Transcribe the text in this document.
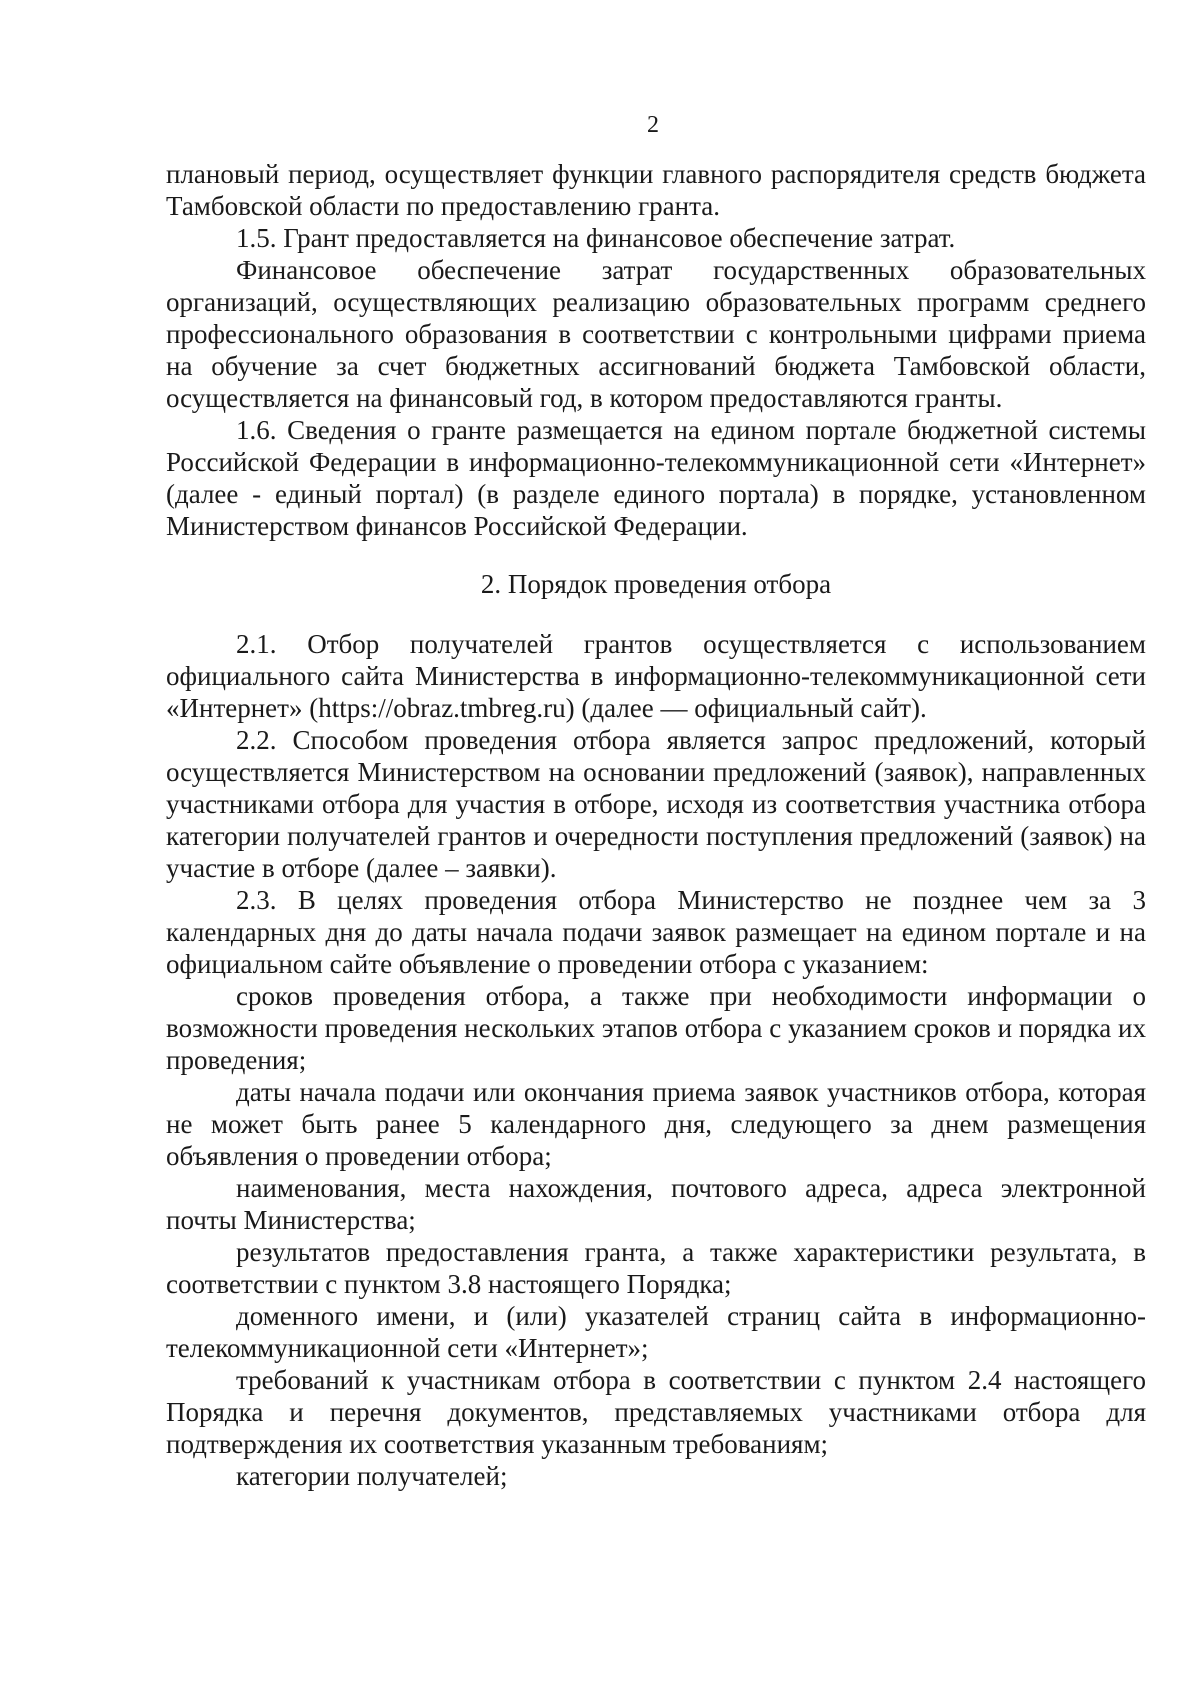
2

плановый период, осуществляет функции главного распорядителя средств бюджета Тамбовской области по предоставлению гранта.

1.5. Грант предоставляется на финансовое обеспечение затрат.

Финансовое обеспечение затрат государственных образовательных организаций, осуществляющих реализацию образовательных программ среднего профессионального образования в соответствии с контрольными цифрами приема на обучение за счет бюджетных ассигнований бюджета Тамбовской области, осуществляется на финансовый год, в котором предоставляются гранты.

1.6. Сведения о гранте размещается на едином портале бюджетной системы Российской Федерации в информационно-телекоммуникационной сети «Интернет» (далее - единый портал) (в разделе единого портала) в порядке, установленном Министерством финансов Российской Федерации.

2. Порядок проведения отбора

2.1. Отбор получателей грантов осуществляется с использованием официального сайта Министерства в информационно-телекоммуникационной сети «Интернет» (https://obraz.tmbreg.ru) (далее — официальный сайт).

2.2. Способом проведения отбора является запрос предложений, который осуществляется Министерством на основании предложений (заявок), направленных участниками отбора для участия в отборе, исходя из соответствия участника отбора категории получателей грантов и очередности поступления предложений (заявок) на участие в отборе (далее – заявки).

2.3. В целях проведения отбора Министерство не позднее чем за 3 календарных дня до даты начала подачи заявок размещает на едином портале и на официальном сайте объявление о проведении отбора с указанием:

сроков проведения отбора, а также при необходимости информации о возможности проведения нескольких этапов отбора с указанием сроков и порядка их проведения;

даты начала подачи или окончания приема заявок участников отбора, которая не может быть ранее 5 календарного дня, следующего за днем размещения объявления о проведении отбора;

наименования, места нахождения, почтового адреса, адреса электронной почты Министерства;

результатов предоставления гранта, а также характеристики результата, в соответствии с пунктом 3.8 настоящего Порядка;

доменного имени, и (или) указателей страниц сайта в информационно-телекоммуникационной сети «Интернет»;

требований к участникам отбора в соответствии с пунктом 2.4 настоящего Порядка и перечня документов, представляемых участниками отбора для подтверждения их соответствия указанным требованиям;

категории получателей;
